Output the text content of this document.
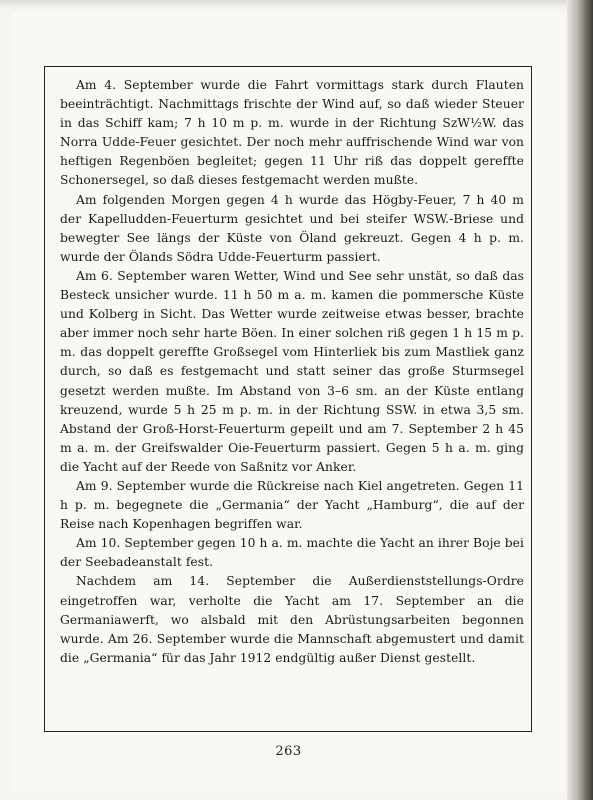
Am 4. September wurde die Fahrt vormittags stark durch Flauten beeinträchtigt. Nachmittags frischte der Wind auf, so daß wieder Steuer in das Schiff kam; 7 h 10 m p. m. wurde in der Richtung SzW½W. das Norra Udde-Feuer gesichtet. Der noch mehr auffrischende Wind war von heftigen Regenböen begleitet; gegen 11 Uhr riß das doppelt gereffte Schonersegel, so daß dieses festgemacht werden mußte.

Am folgenden Morgen gegen 4 h wurde das Högby-Feuer, 7 h 40 m der Kapelludden-Feuerturm gesichtet und bei steifer WSW.-Briese und bewegter See längs der Küste von Öland gekreuzt. Gegen 4 h p. m. wurde der Ölands Södra Udde-Feuerturm passiert.

Am 6. September waren Wetter, Wind und See sehr unstät, so daß das Besteck unsicher wurde. 11 h 50 m a. m. kamen die pommersche Küste und Kolberg in Sicht. Das Wetter wurde zeitweise etwas besser, brachte aber immer noch sehr harte Böen. In einer solchen riß gegen 1 h 15 m p. m. das doppelt gereffte Großsegel vom Hinterliek bis zum Mastliek ganz durch, so daß es festgemacht und statt seiner das große Sturmsegel gesetzt werden mußte. Im Abstand von 3–6 sm. an der Küste entlang kreuzend, wurde 5 h 25 m p. m. in der Richtung SSW. in etwa 3,5 sm. Abstand der Groß-Horst-Feuerturm gepeilt und am 7. September 2 h 45 m a. m. der Greifswalder Oie-Feuerturm passiert. Gegen 5 h a. m. ging die Yacht auf der Reede von Saßnitz vor Anker.

Am 9. September wurde die Rückreise nach Kiel angetreten. Gegen 11 h p. m. begegnete die „Germania“ der Yacht „Hamburg“, die auf der Reise nach Kopenhagen begriffen war.

Am 10. September gegen 10 h a. m. machte die Yacht an ihrer Boje bei der Seebadeanstalt fest.

Nachdem am 14. September die Außerdienststellungs-Ordre eingetroffen war, verholte die Yacht am 17. September an die Germaniawerft, wo alsbald mit den Abrüstungsarbeiten begonnen wurde. Am 26. September wurde die Mannschaft abgemustert und damit die „Germania“ für das Jahr 1912 endgültig außer Dienst gestellt.

263
